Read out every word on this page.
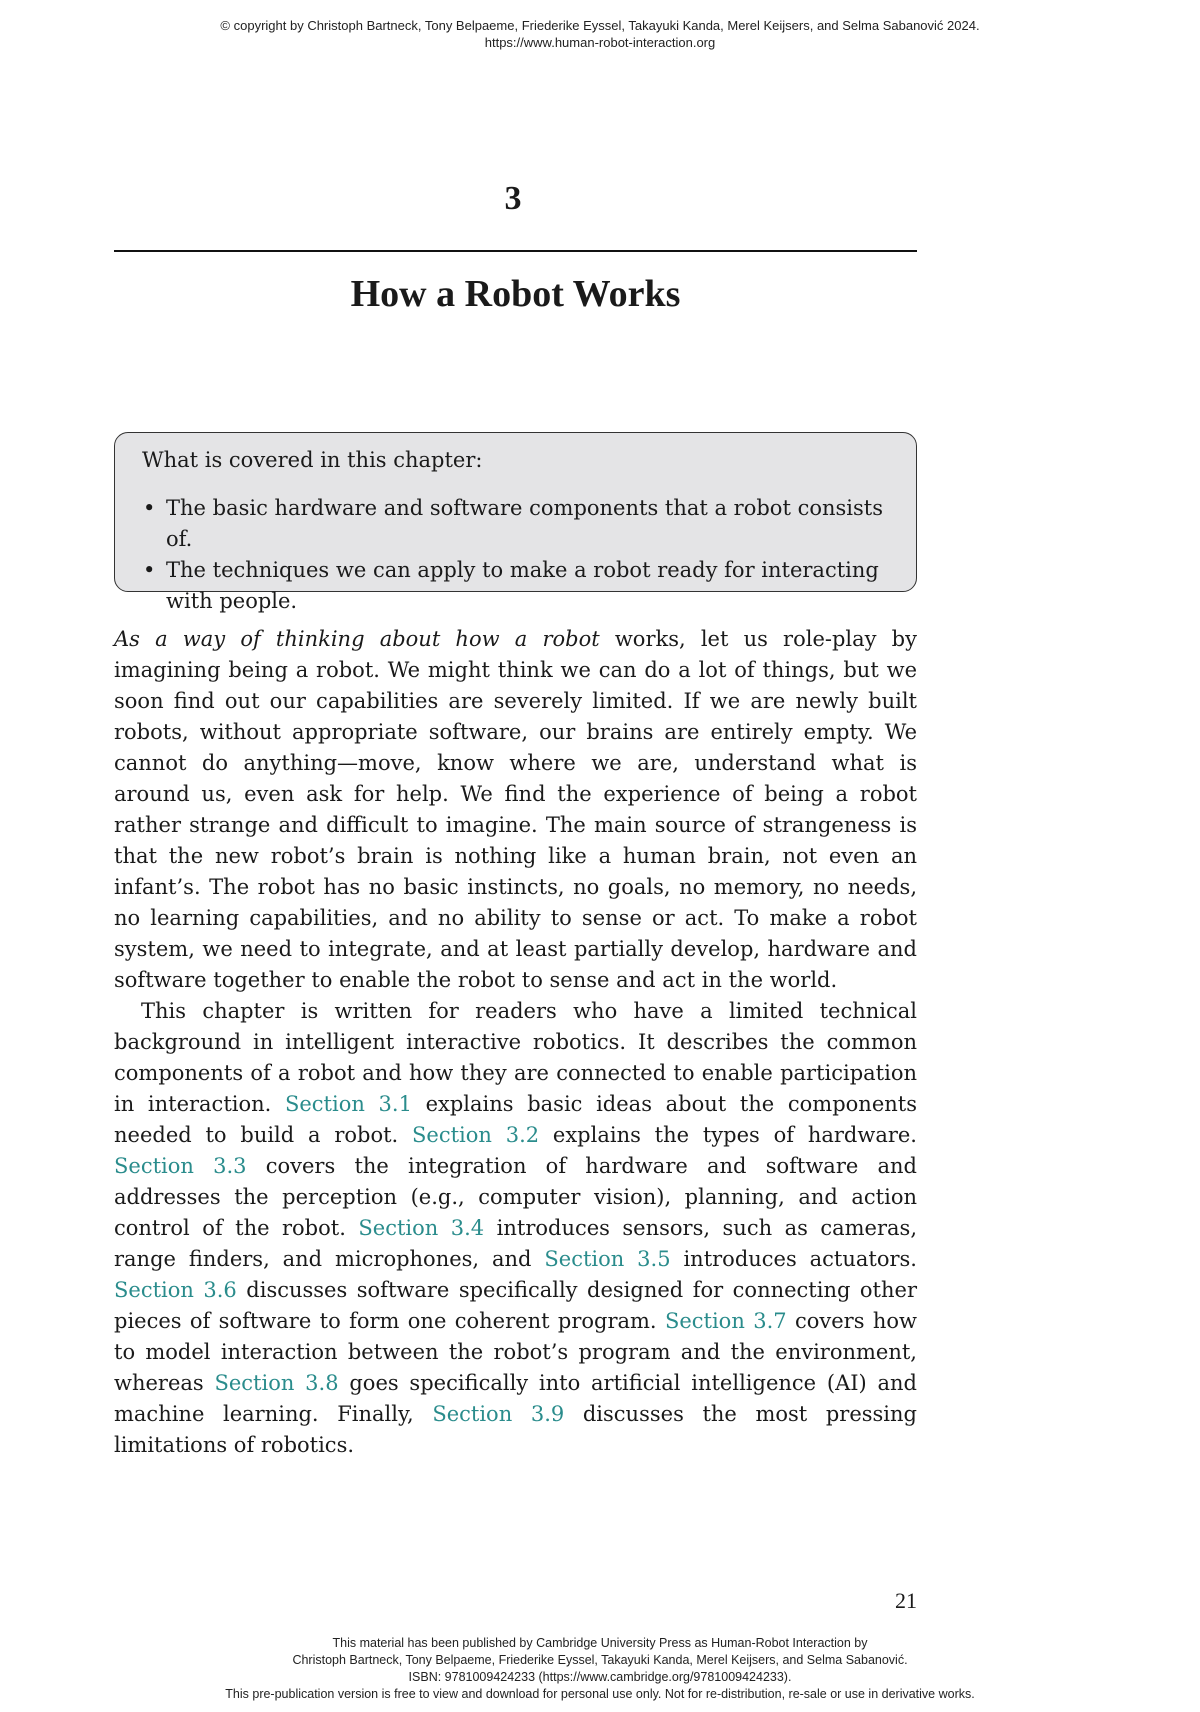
© copyright by Christoph Bartneck, Tony Belpaeme, Friederike Eyssel, Takayuki Kanda, Merel Keijsers, and Selma Sabanović 2024.
https://www.human-robot-interaction.org
3
How a Robot Works
What is covered in this chapter:
• The basic hardware and software components that a robot consists of.
• The techniques we can apply to make a robot ready for interacting with people.

As a way of thinking about how a robot works, let us role-play by imagining being a robot. We might think we can do a lot of things, but we soon find out our capabilities are severely limited. If we are newly built robots, without appropriate software, our brains are entirely empty. We cannot do anything—move, know where we are, understand what is around us, even ask for help. We find the experience of being a robot rather strange and difficult to imagine. The main source of strangeness is that the new robot’s brain is nothing like a human brain, not even an infant’s. The robot has no basic instincts, no goals, no memory, no needs, no learning capabilities, and no ability to sense or act. To make a robot system, we need to integrate, and at least partially develop, hardware and software together to enable the robot to sense and act in the world.

This chapter is written for readers who have a limited technical background in intelligent interactive robotics. It describes the common components of a robot and how they are connected to enable participation in interaction. Section 3.1 explains basic ideas about the components needed to build a robot. Section 3.2 explains the types of hardware. Section 3.3 covers the integration of hardware and software and addresses the perception (e.g., computer vision), planning, and action control of the robot. Section 3.4 introduces sensors, such as cameras, range finders, and microphones, and Section 3.5 introduces actuators. Section 3.6 discusses software specifically designed for connecting other pieces of software to form one coherent program. Section 3.7 covers how to model interaction between the robot’s program and the environment, whereas Section 3.8 goes specifically into artificial intelligence (AI) and machine learning. Finally, Section 3.9 discusses the most pressing limitations of robotics.

21
This material has been published by Cambridge University Press as Human-Robot Interaction by
Christoph Bartneck, Tony Belpaeme, Friederike Eyssel, Takayuki Kanda, Merel Keijsers, and Selma Sabanović.
ISBN: 9781009424233 (https://www.cambridge.org/9781009424233).
This pre-publication version is free to view and download for personal use only. Not for re-distribution, re-sale or use in derivative works.
